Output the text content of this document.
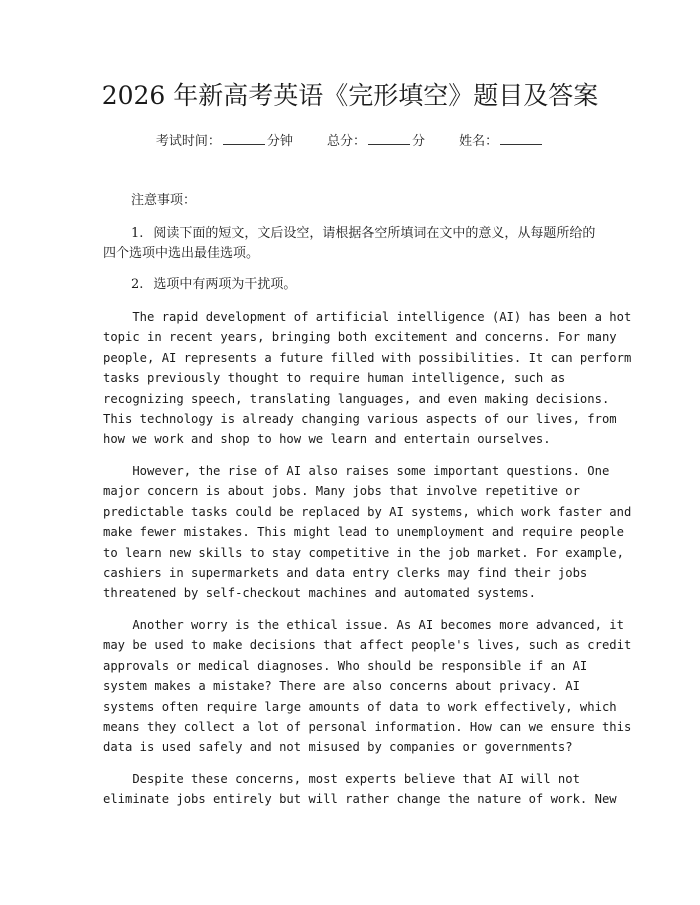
2026 年新高考英语《完形填空》题目及答案
考试时间：	分钟	总分：	分	姓名：
注意事项：
1. 阅读下面的短文，文后设空，请根据各空所填词在文中的意义，从每题所给的四个选项中选出最佳选项。
2. 选项中有两项为干扰项。
The rapid development of artificial intelligence (AI) has been a hot
topic in recent years, bringing both excitement and concerns. For many
people, AI represents a future filled with possibilities. It can perform
tasks previously thought to require human intelligence, such as
recognizing speech, translating languages, and even making decisions.
This technology is already changing various aspects of our lives, from
how we work and shop to how we learn and entertain ourselves.
However, the rise of AI also raises some important questions. One
major concern is about jobs. Many jobs that involve repetitive or
predictable tasks could be replaced by AI systems, which work faster and
make fewer mistakes. This might lead to unemployment and require people
to learn new skills to stay competitive in the job market. For example,
cashiers in supermarkets and data entry clerks may find their jobs
threatened by self-checkout machines and automated systems.
Another worry is the ethical issue. As AI becomes more advanced, it
may be used to make decisions that affect people's lives, such as credit
approvals or medical diagnoses. Who should be responsible if an AI
system makes a mistake? There are also concerns about privacy. AI
systems often require large amounts of data to work effectively, which
means they collect a lot of personal information. How can we ensure this
data is used safely and not misused by companies or governments?
Despite these concerns, most experts believe that AI will not
eliminate jobs entirely but will rather change the nature of work. New
